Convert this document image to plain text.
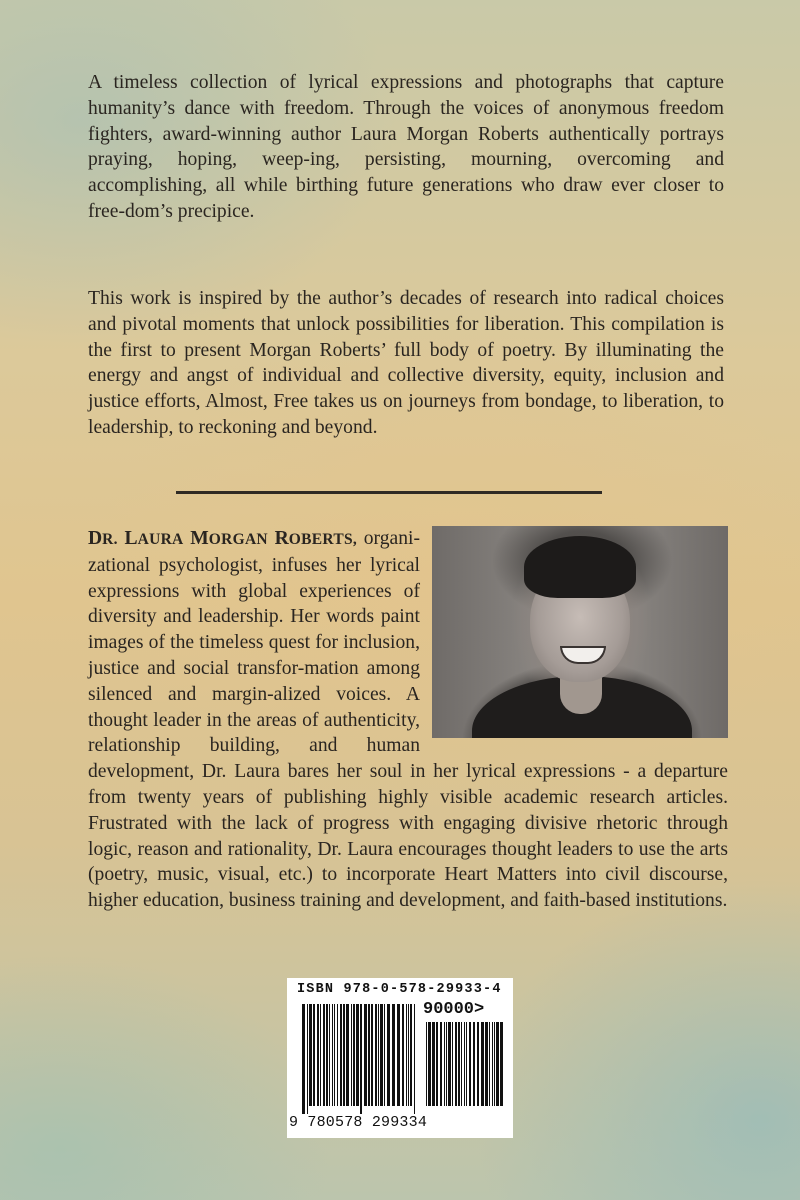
A timeless collection of lyrical expressions and photographs that capture humanity’s dance with freedom. Through the voices of anonymous freedom fighters, award-winning author Laura Morgan Roberts authentically portrays praying, hoping, weep-ing, persisting, mourning, overcoming and accomplishing, all while birthing future generations who draw ever closer to free-dom’s precipice.

This work is inspired by the author’s decades of research into radical choices and pivotal moments that unlock possibilities for liberation. This compilation is the first to present Morgan Roberts’ full body of poetry. By illuminating the energy and angst of individual and collective diversity, equity, inclusion and justice efforts, Almost, Free takes us on journeys from bondage, to liberation, to leadership, to reckoning and beyond.

DR. LAURA MORGAN ROBERTS, organi-zational psychologist, infuses her lyrical expressions with global experiences of diversity and leadership. Her words paint images of the timeless quest for inclusion, justice and social transfor-mation among silenced and margin-alized voices. A thought leader in the areas of authenticity, relationship building, and human development, Dr. Laura bares her soul in her lyrical expressions - a departure from twenty years of publishing highly visible academic research articles. Frustrated with the lack of progress with engaging divisive rhetoric through logic, reason and rationality, Dr. Laura encourages thought leaders to use the arts (poetry, music, visual, etc.) to incorporate Heart Matters into civil discourse, higher education, business training and development, and faith-based institutions.
ISBN 978-0-578-29933-4
90000>
9 780578 299334
